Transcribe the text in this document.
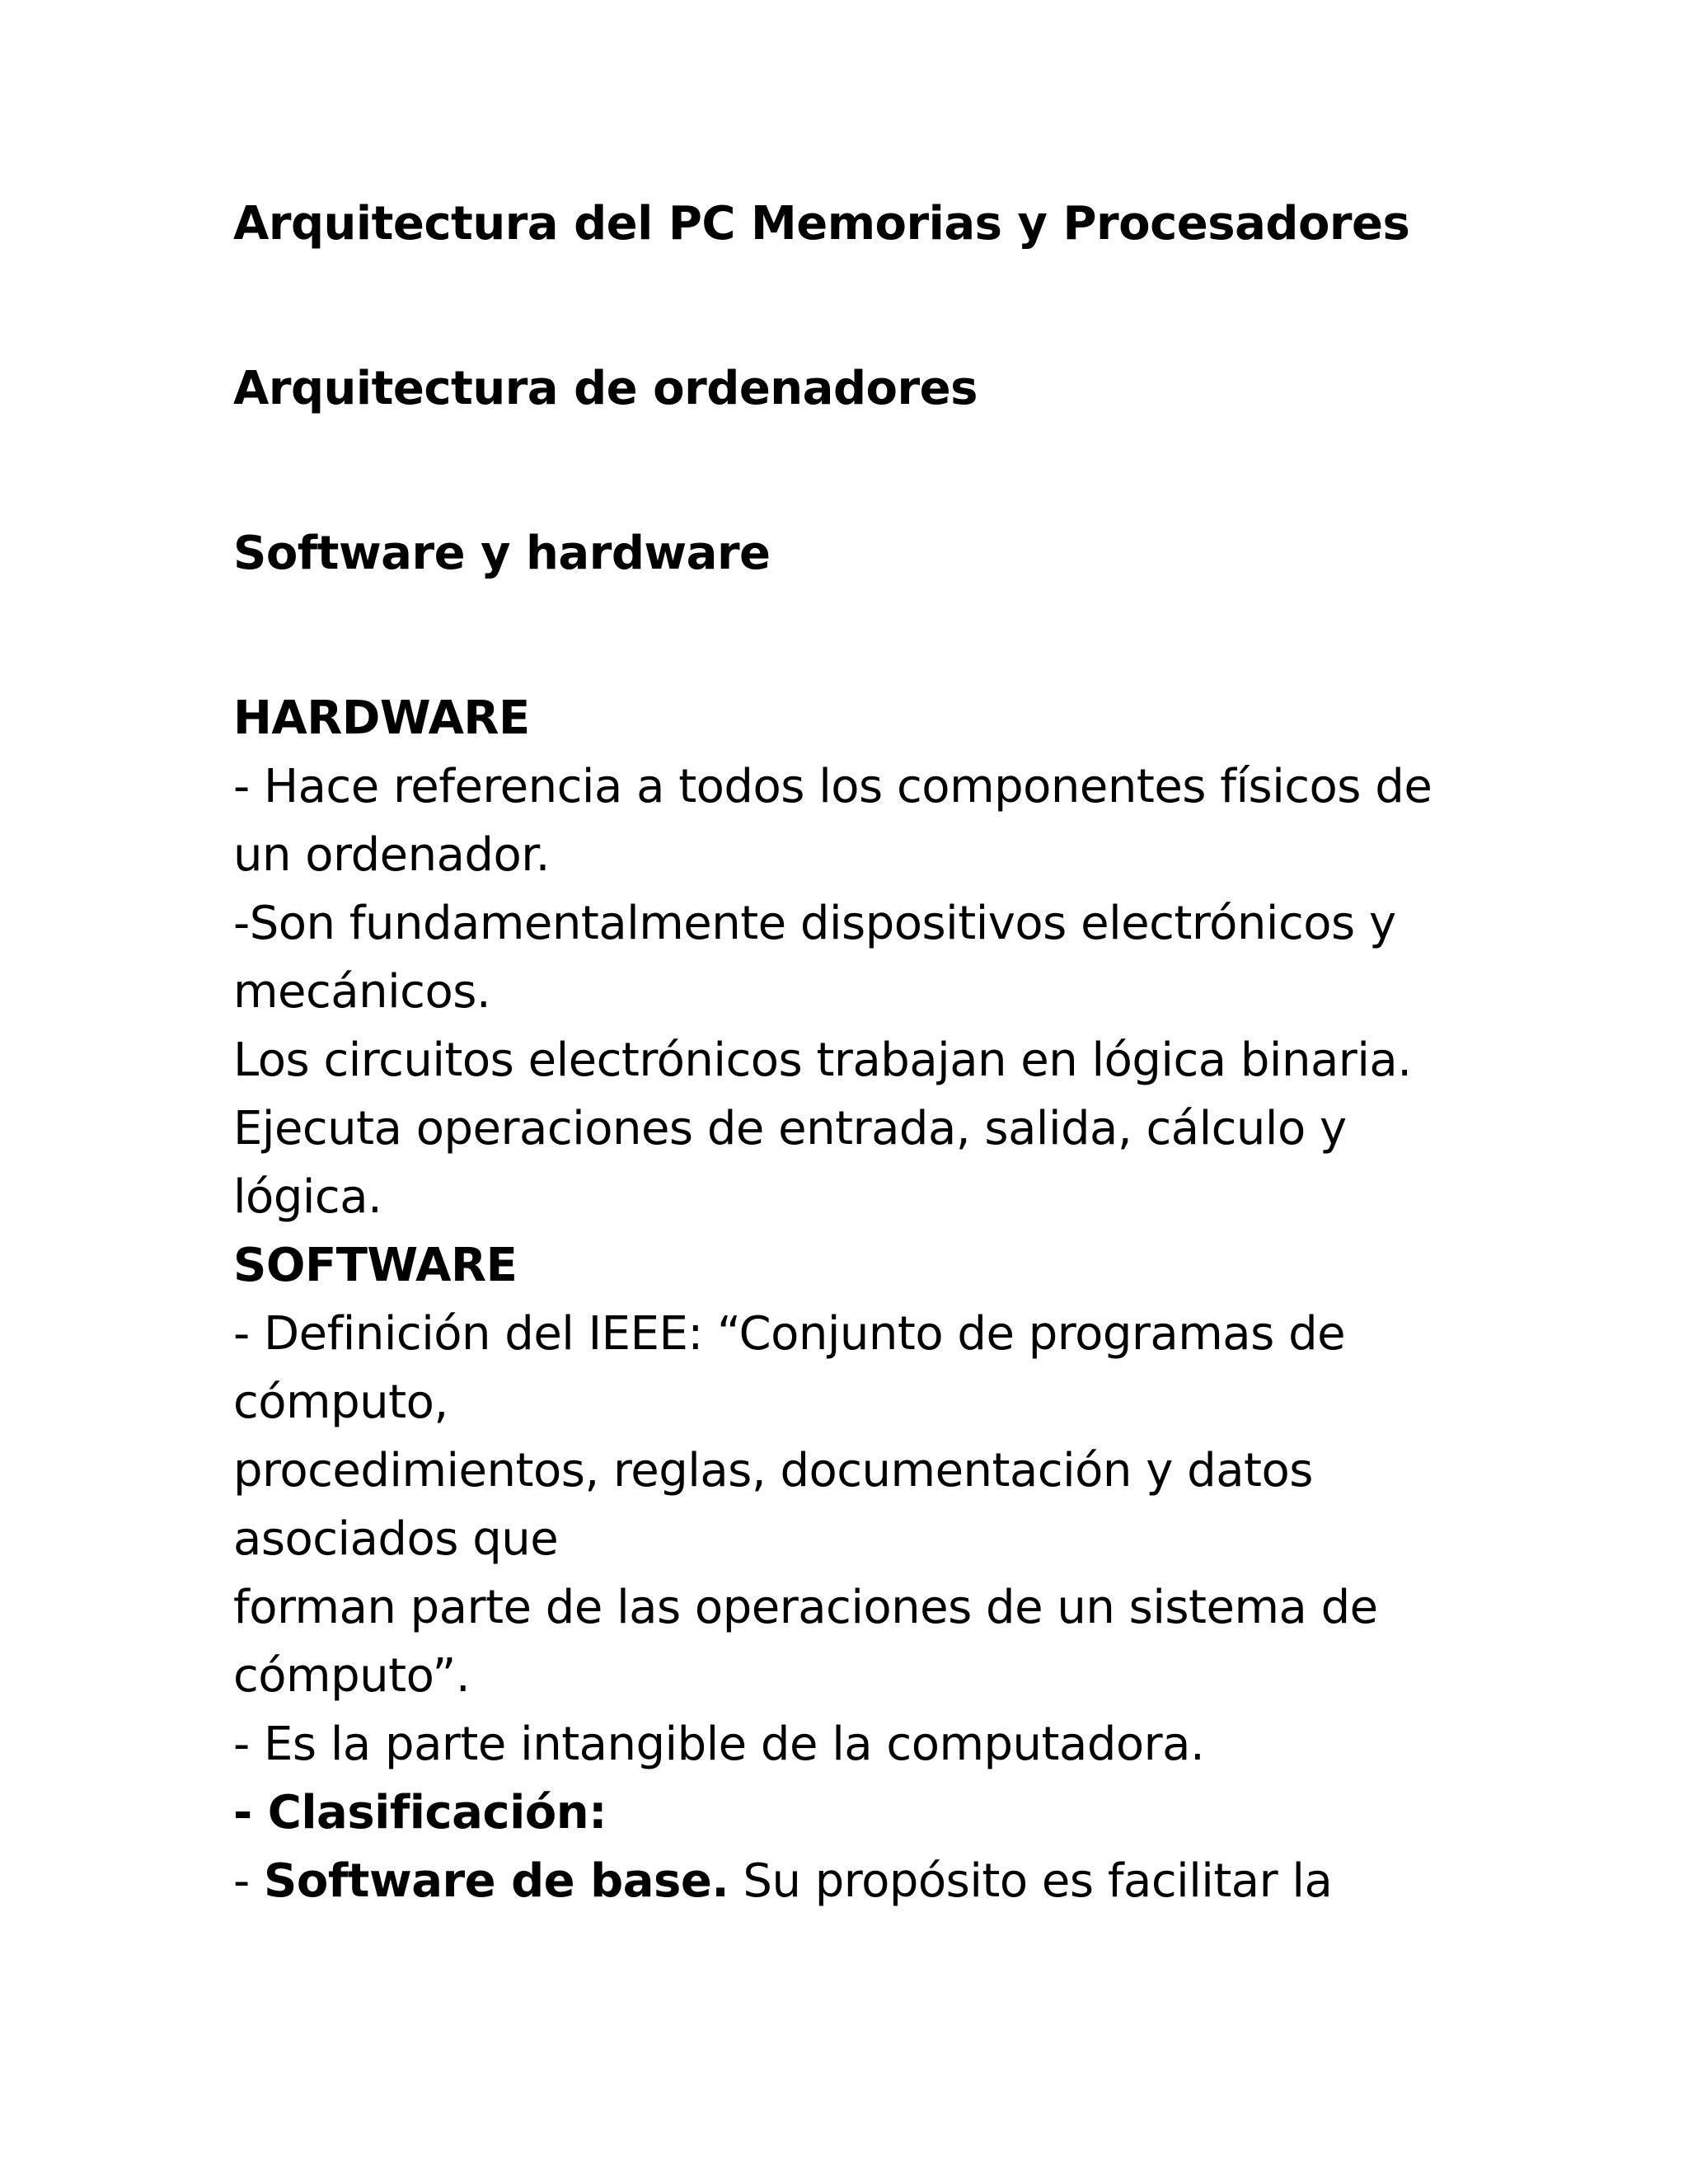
Arquitectura del PC Memorias y Procesadores
Arquitectura de ordenadores
Software y hardware
HARDWARE
- Hace referencia a todos los componentes físicos de
un ordenador.
-Son fundamentalmente dispositivos electrónicos y
mecánicos.
Los circuitos electrónicos trabajan en lógica binaria.
Ejecuta operaciones de entrada, salida, cálculo y
lógica.
SOFTWARE
- Definición del IEEE: “Conjunto de programas de
cómputo,
procedimientos, reglas, documentación y datos
asociados que
forman parte de las operaciones de un sistema de
cómputo”.
- Es la parte intangible de la computadora.
- Clasificación:
- Software de base. Su propósito es facilitar la
